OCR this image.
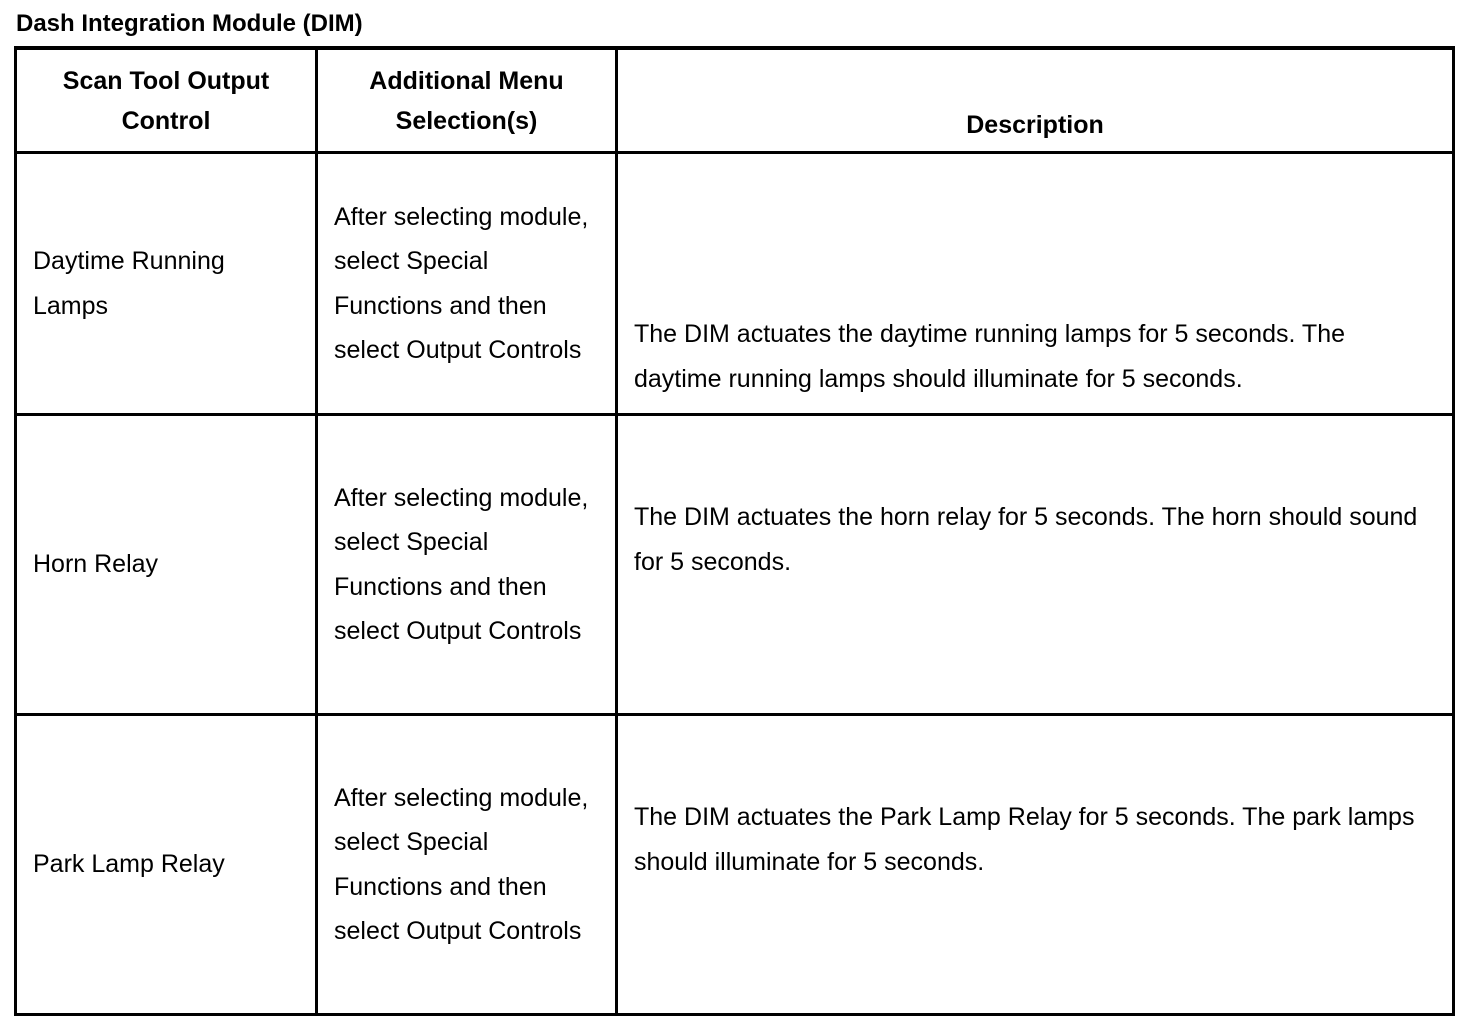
Dash Integration Module (DIM)
Scan Tool Output Control	Additional Menu Selection(s)	Description

Daytime Running Lamps	After selecting module, select Special Functions and then select Output Controls	The DIM actuates the daytime running lamps for 5 seconds. The daytime running lamps should illuminate for 5 seconds.

Horn Relay	After selecting module, select Special Functions and then select Output Controls	The DIM actuates the horn relay for 5 seconds. The horn should sound for 5 seconds.

Park Lamp Relay	After selecting module, select Special Functions and then select Output Controls	The DIM actuates the Park Lamp Relay for 5 seconds. The park lamps should illuminate for 5 seconds.
